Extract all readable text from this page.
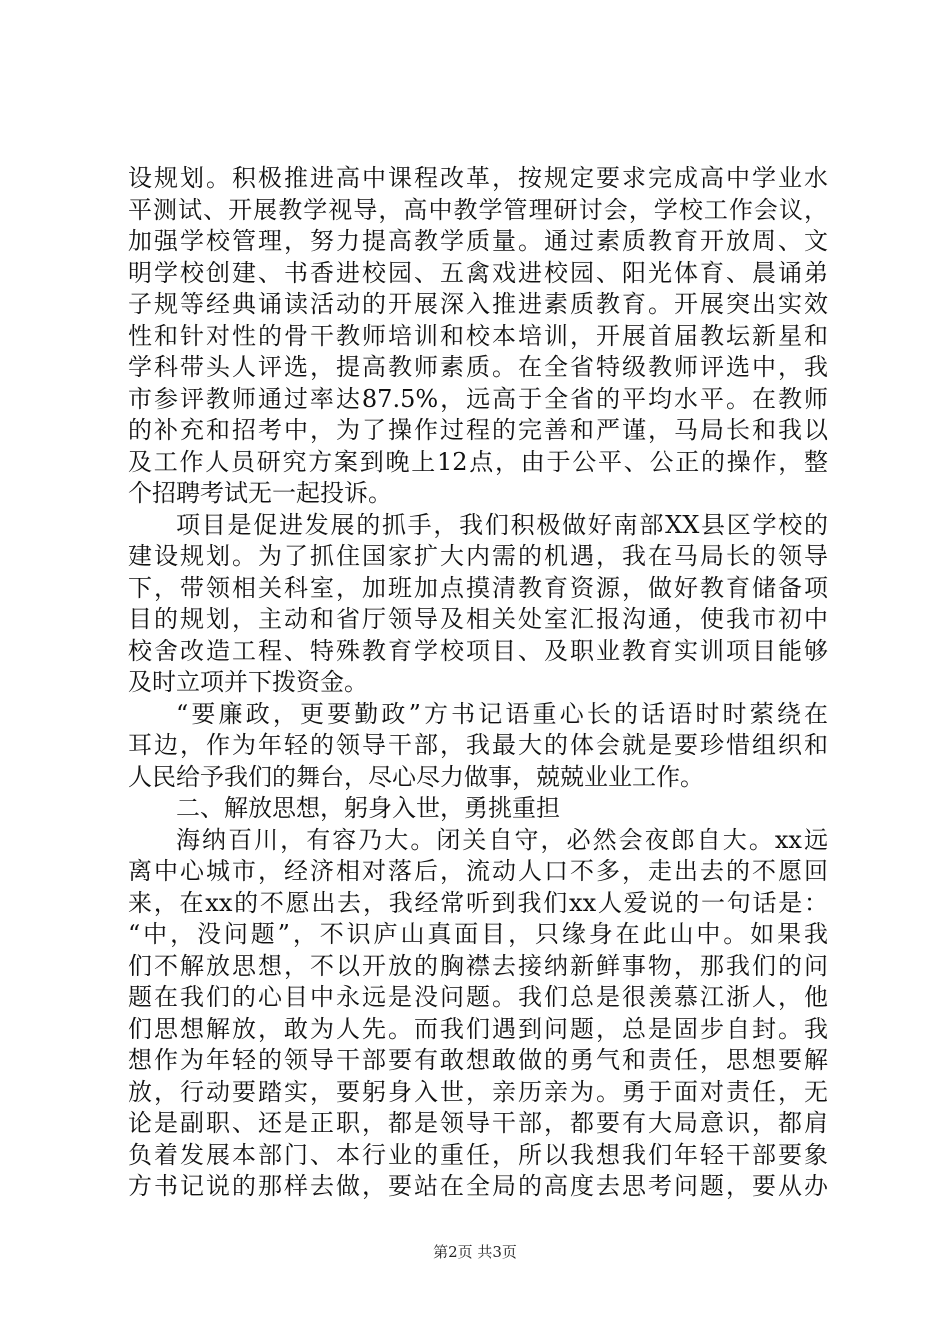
设规划。积极推进高中课程改革，按规定要求完成高中学业水
平测试、开展教学视导，高中教学管理研讨会，学校工作会议，
加强学校管理，努力提高教学质量。通过素质教育开放周、文
明学校创建、书香进校园、五禽戏进校园、阳光体育、晨诵弟
子规等经典诵读活动的开展深入推进素质教育。开展突出实效
性和针对性的骨干教师培训和校本培训，开展首届教坛新星和
学科带头人评选，提高教师素质。在全省特级教师评选中，我
市参评教师通过率达87.5%，远高于全省的平均水平。在教师
的补充和招考中，为了操作过程的完善和严谨，马局长和我以
及工作人员研究方案到晚上12点，由于公平、公正的操作，整
个招聘考试无一起投诉。
项目是促进发展的抓手，我们积极做好南部XX县区学校的
建设规划。为了抓住国家扩大内需的机遇，我在马局长的领导
下，带领相关科室，加班加点摸清教育资源，做好教育储备项
目的规划，主动和省厅领导及相关处室汇报沟通，使我市初中
校舍改造工程、特殊教育学校项目、及职业教育实训项目能够
及时立项并下拨资金。
“要廉政，更要勤政”方书记语重心长的话语时时萦绕在
耳边，作为年轻的领导干部，我最大的体会就是要珍惜组织和
人民给予我们的舞台，尽心尽力做事，兢兢业业工作。
二、解放思想，躬身入世，勇挑重担
海纳百川，有容乃大。闭关自守，必然会夜郎自大。xx远
离中心城市，经济相对落后，流动人口不多，走出去的不愿回
来，在xx的不愿出去，我经常听到我们xx人爱说的一句话是：
“中，没问题”，不识庐山真面目，只缘身在此山中。如果我
们不解放思想，不以开放的胸襟去接纳新鲜事物，那我们的问
题在我们的心目中永远是没问题。我们总是很羡慕江浙人，他
们思想解放，敢为人先。而我们遇到问题，总是固步自封。我
想作为年轻的领导干部要有敢想敢做的勇气和责任，思想要解
放，行动要踏实，要躬身入世，亲历亲为。勇于面对责任，无
论是副职、还是正职，都是领导干部，都要有大局意识，都肩
负着发展本部门、本行业的重任，所以我想我们年轻干部要象
方书记说的那样去做，要站在全局的高度去思考问题，要从办
第2页 共3页
